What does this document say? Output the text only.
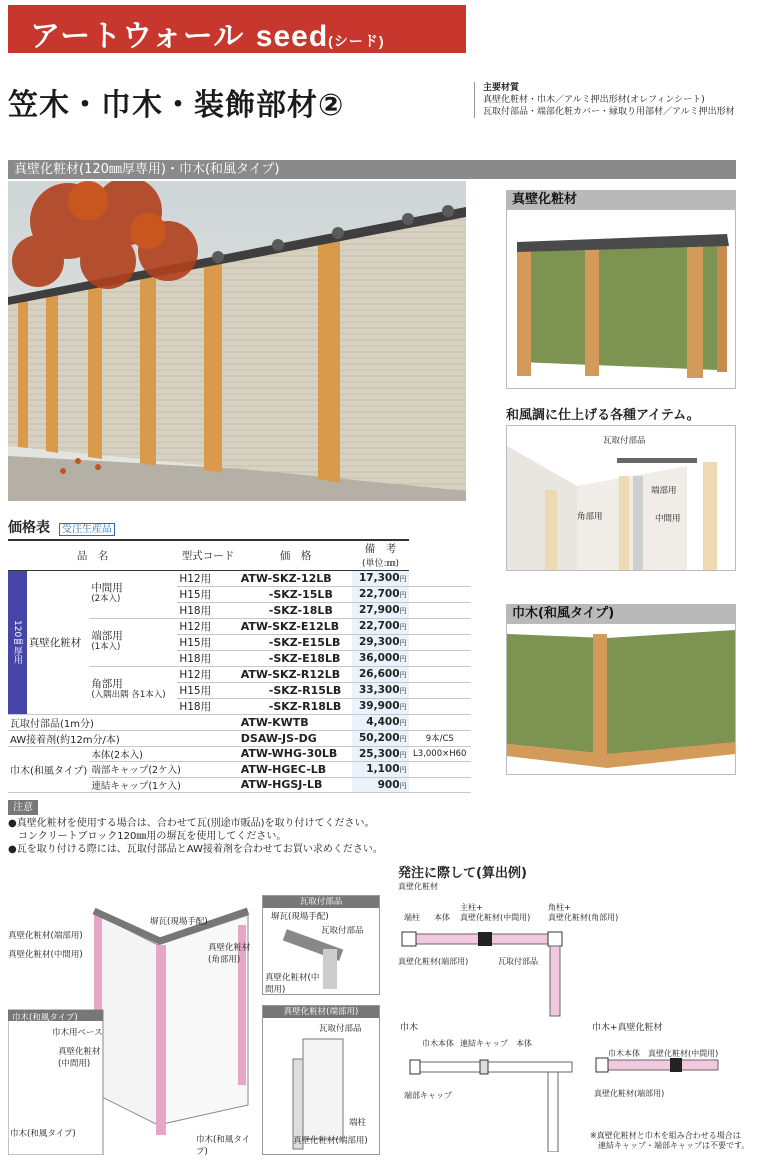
アートウォール seed(シード)
笠木・巾木・装飾部材②	主要材質
真壁化粧材・巾木／アルミ押出形材(オレフィンシート)
瓦取付部品・端部化粧カバー・縁取り用部材／アルミ押出形材
真壁化粧材(120㎜厚専用)・巾木(和風タイプ)
真壁化粧材
和風調に仕上げる各種アイテム。
瓦取付部品
端部用
角部用	中間用
巾木(和風タイプ)
価格表 受注生産品
品　名			型式コード	価　格	備　考
(単位:㎜)	

120㎜厚用	真壁化粧材	中間用
(2本入)	H12用	ATW-SKZ-12LB	17,300円	
			H15用	-SKZ-15LB	22,700円	
			H18用	-SKZ-18LB	27,900円	

		端部用
(1本入)	H12用	ATW-SKZ-E12LB	22,700円	
			H15用	-SKZ-E15LB	29,300円	
			H18用	-SKZ-E18LB	36,000円	

		角部用
(入隅出隅 各1本入)	H12用	ATW-SKZ-R12LB	26,600円	
			H15用	-SKZ-R15LB	33,300円	
			H18用	-SKZ-R18LB	39,900円	
瓦取付部品(1m分)				ATW-KWTB	4,400円	
AW接着剤(約12m分/本)				DSAW-JS-DG	50,200円	9本/CS
巾木(和風タイプ)		本体(2本入)		ATW-WHG-30LB	25,300円	L3,000×H60
		端部キャップ(2ケ入)		ATW-HGEC-LB	1,100円	
		連結キャップ(1ケ入)		ATW-HGSJ-LB	900円	
注意
●真壁化粧材を使用する場合は、合わせて瓦(別途市販品)を取り付けてください。
　コンクリートブロック120㎜用の塀瓦を使用してください。
●瓦を取り付ける際には、瓦取付部品とAW接着剤を合わせてお買い求めください。
真壁化粧材(端部用)
真壁化粧材(中間用)
塀瓦(現場手配)
真壁化粧材(角部用)
巾木(和風タイプ)
巾木用ベース
真壁化粧材(中間用)
巾木(和風タイプ)
巾木(和風タイプ)
瓦取付部品
塀瓦(現場手配)
瓦取付部品
真壁化粧材(中間用)
真壁化粧材(端部用)
瓦取付部品
端柱
真壁化粧材(端部用)
発注に際して(算出例)
真壁化粧材
端柱 本体
主柱+
真壁化粧材(中間用)
角柱+
真壁化粧材(角部用)
真壁化粧材(端部用)	瓦取付部品
巾木
巾木本体 連結キャップ 本体
端部キャップ
巾木+真壁化粧材
巾木本体 真壁化粧材(中間用)
真壁化粧材(端部用)
※真壁化粧材と巾木を組み合わせる場合は
　連結キャップ・端部キャップは不要です。
